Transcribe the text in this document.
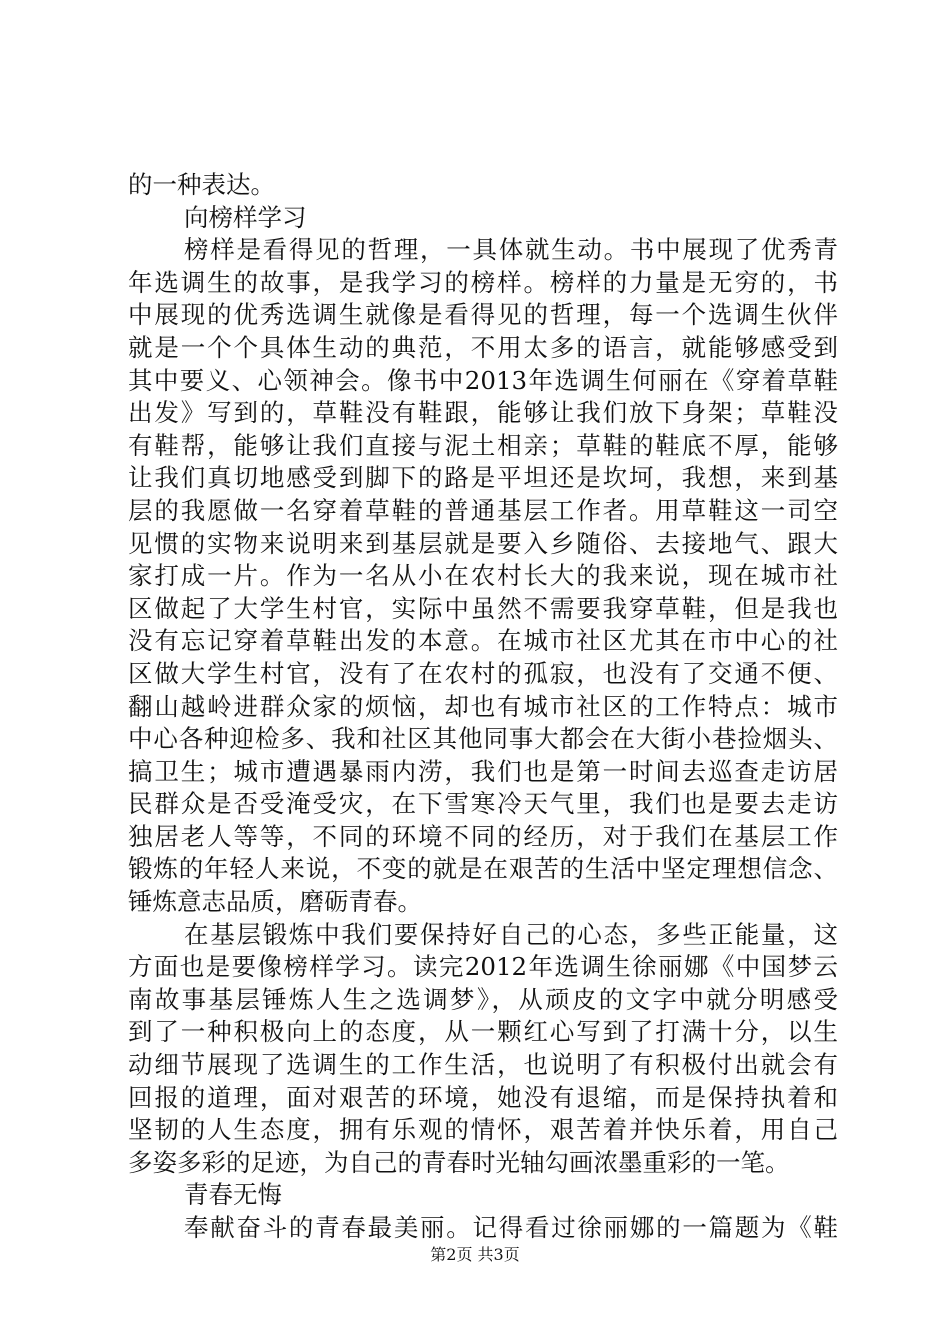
的一种表达。
向榜样学习
榜样是看得见的哲理，一具体就生动。书中展现了优秀青
年选调生的故事，是我学习的榜样。榜样的力量是无穷的，书
中展现的优秀选调生就像是看得见的哲理，每一个选调生伙伴
就是一个个具体生动的典范，不用太多的语言，就能够感受到
其中要义、心领神会。像书中2013年选调生何丽在《穿着草鞋
出发》写到的，草鞋没有鞋跟，能够让我们放下身架；草鞋没
有鞋帮，能够让我们直接与泥土相亲；草鞋的鞋底不厚，能够
让我们真切地感受到脚下的路是平坦还是坎坷，我想，来到基
层的我愿做一名穿着草鞋的普通基层工作者。用草鞋这一司空
见惯的实物来说明来到基层就是要入乡随俗、去接地气、跟大
家打成一片。作为一名从小在农村长大的我来说，现在城市社
区做起了大学生村官，实际中虽然不需要我穿草鞋，但是我也
没有忘记穿着草鞋出发的本意。在城市社区尤其在市中心的社
区做大学生村官，没有了在农村的孤寂，也没有了交通不便、
翻山越岭进群众家的烦恼，却也有城市社区的工作特点：城市
中心各种迎检多、我和社区其他同事大都会在大街小巷捡烟头、
搞卫生；城市遭遇暴雨内涝，我们也是第一时间去巡查走访居
民群众是否受淹受灾，在下雪寒冷天气里，我们也是要去走访
独居老人等等，不同的环境不同的经历，对于我们在基层工作
锻炼的年轻人来说，不变的就是在艰苦的生活中坚定理想信念、
锤炼意志品质，磨砺青春。
在基层锻炼中我们要保持好自己的心态，多些正能量，这
方面也是要像榜样学习。读完2012年选调生徐丽娜《中国梦云
南故事基层锤炼人生之选调梦》，从顽皮的文字中就分明感受
到了一种积极向上的态度，从一颗红心写到了打满十分，以生
动细节展现了选调生的工作生活，也说明了有积极付出就会有
回报的道理，面对艰苦的环境，她没有退缩，而是保持执着和
坚韧的人生态度，拥有乐观的情怀，艰苦着并快乐着，用自己
多姿多彩的足迹，为自己的青春时光轴勾画浓墨重彩的一笔。
青春无悔
奉献奋斗的青春最美丽。记得看过徐丽娜的一篇题为《鞋
第2页 共3页
